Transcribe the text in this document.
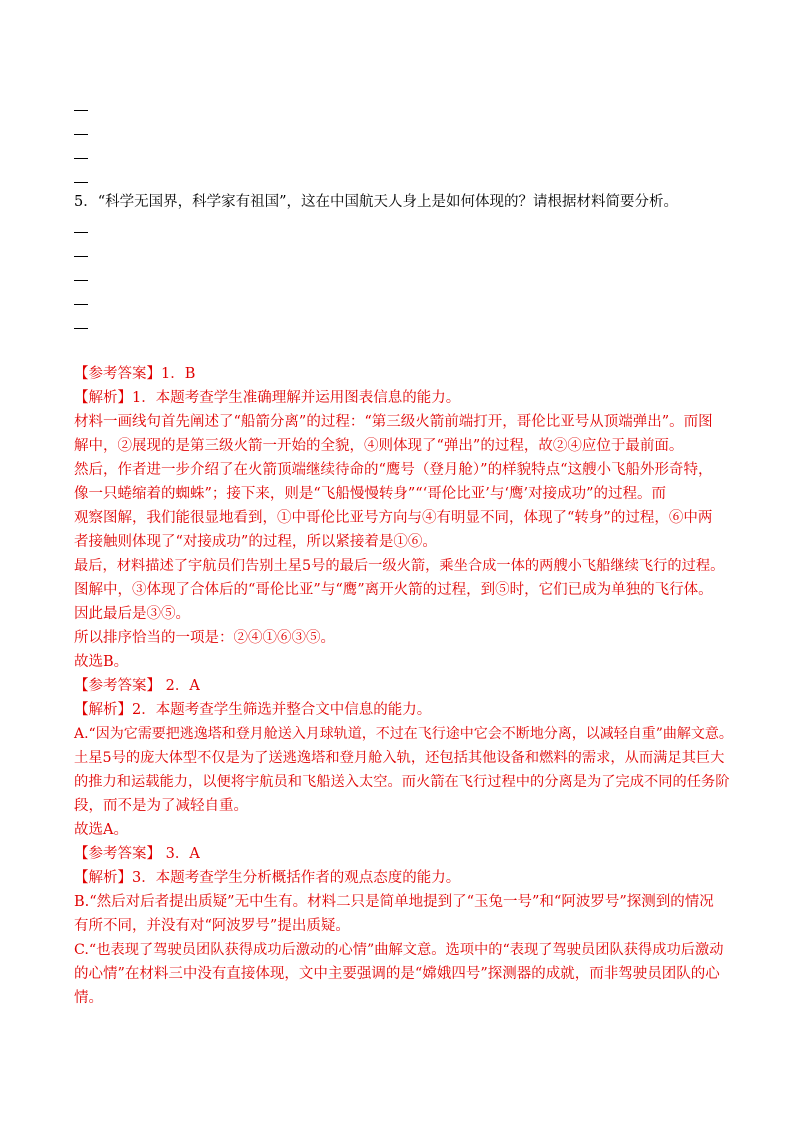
5．“科学无国界，科学家有祖国”，这在中国航天人身上是如何体现的？请根据材料简要分析。
【参考答案】1．B
【解析】1．本题考查学生准确理解并运用图表信息的能力。
材料一画线句首先阐述了“船箭分离”的过程：“第三级火箭前端打开，哥伦比亚号从顶端弹出”。而图
解中，②展现的是第三级火箭一开始的全貌，④则体现了“弹出”的过程，故②④应位于最前面。
然后，作者进一步介绍了在火箭顶端继续待命的“鹰号（登月舱）”的样貌特点“这艘小飞船外形奇特，
像一只蜷缩着的蜘蛛”；接下来，则是“飞船慢慢转身”“‘哥伦比亚’与‘鹰’对接成功”的过程。而
观察图解，我们能很显地看到，①中哥伦比亚号方向与④有明显不同，体现了“转身”的过程，⑥中两
者接触则体现了“对接成功”的过程，所以紧接着是①⑥。
最后，材料描述了宇航员们告别土星5号的最后一级火箭，乘坐合成一体的两艘小飞船继续飞行的过程。
图解中，③体现了合体后的“哥伦比亚”与“鹰”离开火箭的过程，到⑤时，它们已成为单独的飞行体。
因此最后是③⑤。
所以排序恰当的一项是：②④①⑥③⑤。
故选B。
【参考答案】 2．A
【解析】2．本题考查学生筛选并整合文中信息的能力。
A.“因为它需要把逃逸塔和登月舱送入月球轨道，不过在飞行途中它会不断地分离，以减轻自重”曲解文意。
土星5号的庞大体型不仅是为了送逃逸塔和登月舱入轨，还包括其他设备和燃料的需求，从而满足其巨大
的推力和运载能力，以便将宇航员和飞船送入太空。而火箭在飞行过程中的分离是为了完成不同的任务阶
段，而不是为了减轻自重。
故选A。
【参考答案】 3．A
【解析】3．本题考查学生分析概括作者的观点态度的能力。
B.“然后对后者提出质疑”无中生有。材料二只是简单地提到了“玉兔一号”和“阿波罗号”探测到的情况
有所不同，并没有对“阿波罗号”提出质疑。
C.“也表现了驾驶员团队获得成功后激动的心情”曲解文意。选项中的“表现了驾驶员团队获得成功后激动
的心情”在材料三中没有直接体现，文中主要强调的是“嫦娥四号”探测器的成就，而非驾驶员团队的心
情。
